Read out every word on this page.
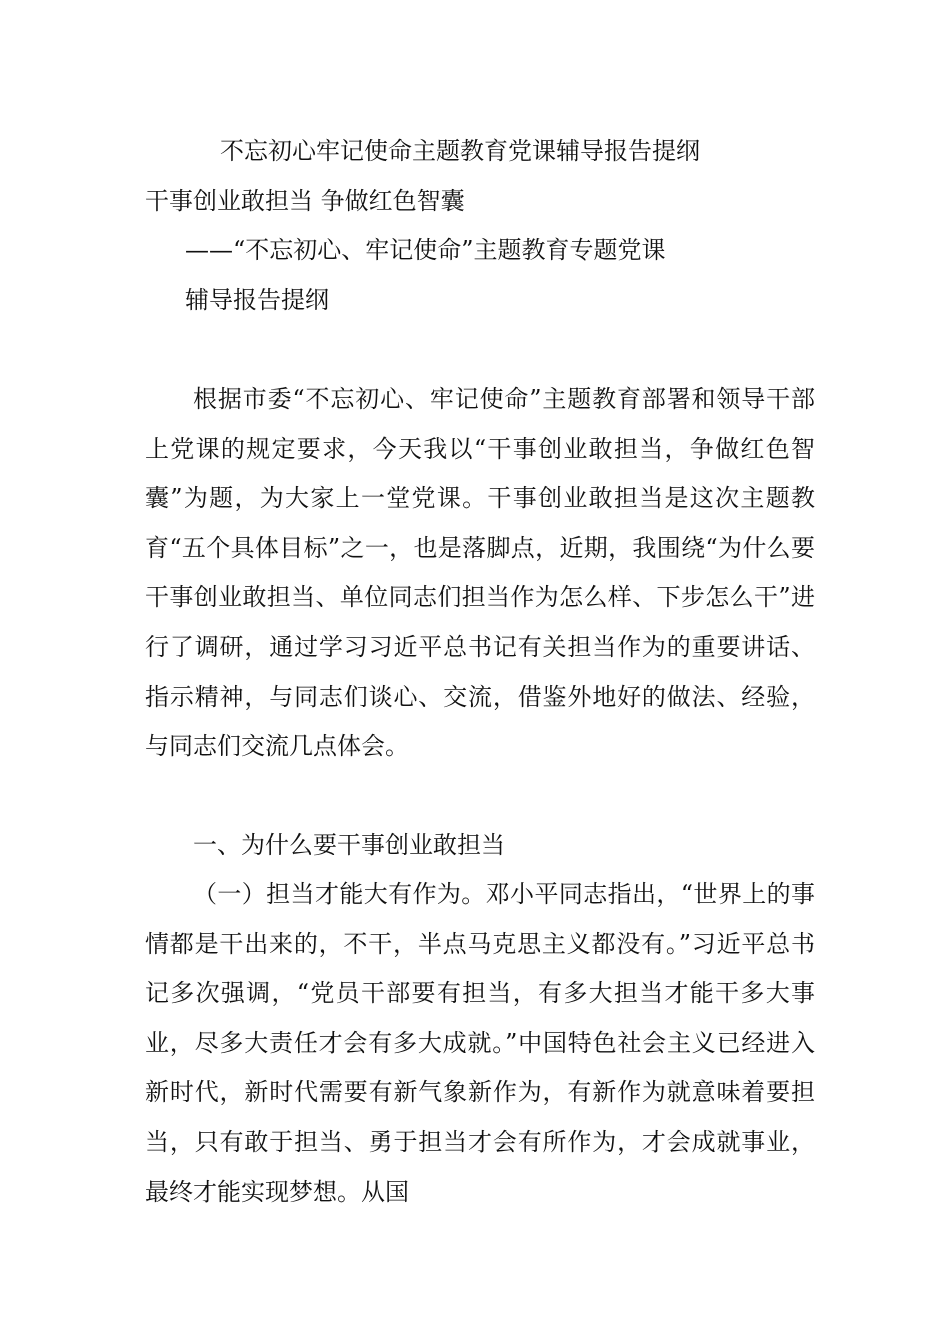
不忘初心牢记使命主题教育党课辅导报告提纲
干事创业敢担当 争做红色智囊
——“不忘初心、牢记使命”主题教育专题党课
辅导报告提纲
根据市委“不忘初心、牢记使命”主题教育部署和领导干部上党课的规定要求，今天我以“干事创业敢担当，争做红色智囊”为题，为大家上一堂党课。干事创业敢担当是这次主题教育“五个具体目标”之一，也是落脚点，近期，我围绕“为什么要干事创业敢担当、单位同志们担当作为怎么样、下步怎么干”进行了调研，通过学习习近平总书记有关担当作为的重要讲话、指示精神，与同志们谈心、交流，借鉴外地好的做法、经验，与同志们交流几点体会。
一、为什么要干事创业敢担当
（一）担当才能大有作为。邓小平同志指出，“世界上的事情都是干出来的，不干，半点马克思主义都没有。”习近平总书记多次强调，“党员干部要有担当，有多大担当才能干多大事业，尽多大责任才会有多大成就。”中国特色社会主义已经进入新时代，新时代需要有新气象新作为，有新作为就意味着要担当，只有敢于担当、勇于担当才会有所作为，才会成就事业，最终才能实现梦想。从国
